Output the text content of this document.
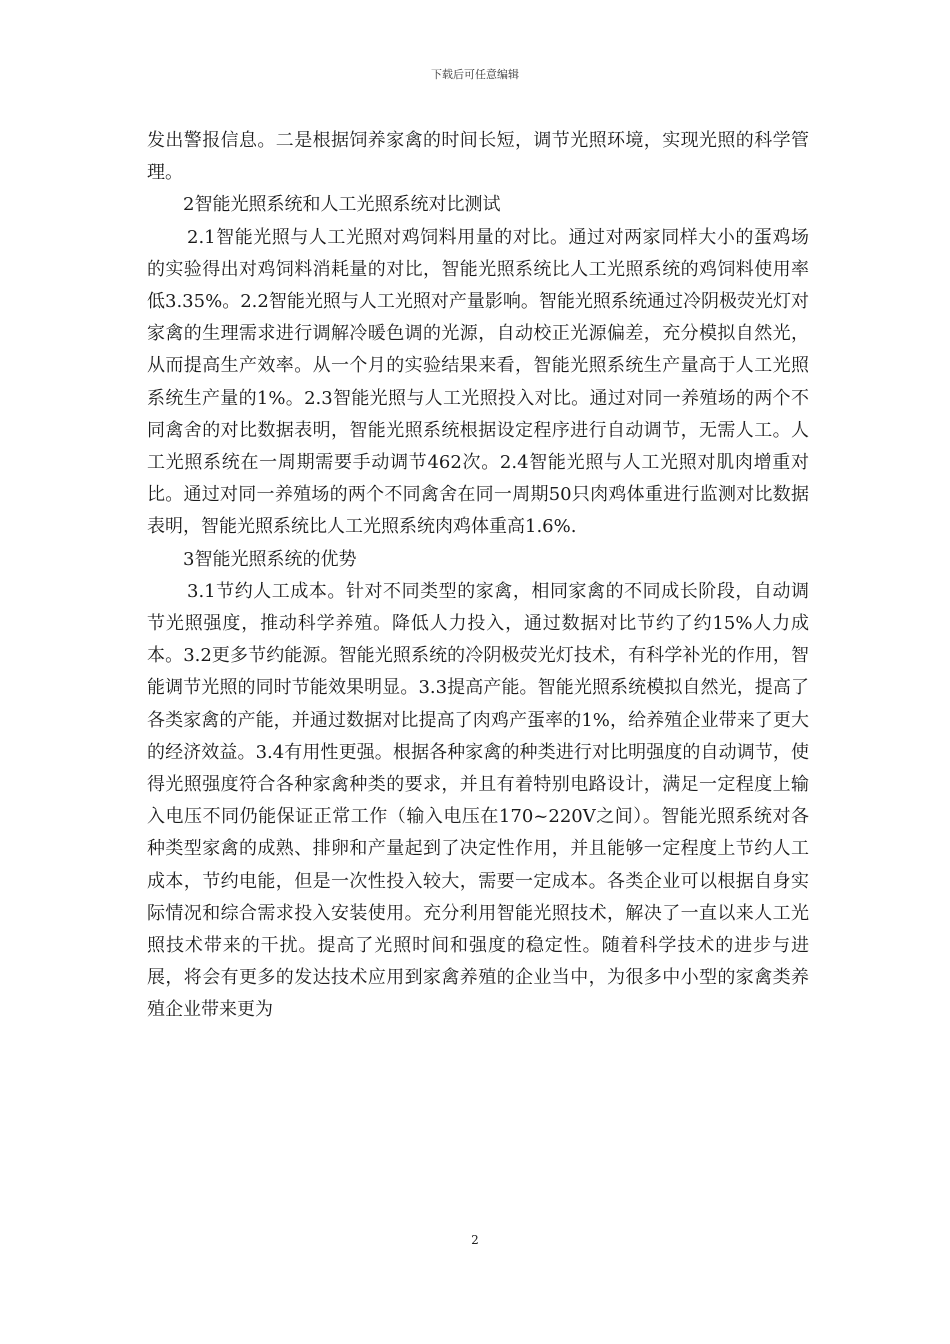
下载后可任意编辑

发出警报信息。二是根据饲养家禽的时间长短，调节光照环境，实现光照的科学管理。

2智能光照系统和人工光照系统对比测试

2.1智能光照与人工光照对鸡饲料用量的对比。通过对两家同样大小的蛋鸡场的实验得出对鸡饲料消耗量的对比，智能光照系统比人工光照系统的鸡饲料使用率低3.35%。2.2智能光照与人工光照对产量影响。智能光照系统通过冷阴极荧光灯对家禽的生理需求进行调解冷暖色调的光源，自动校正光源偏差，充分模拟自然光，从而提高生产效率。从一个月的实验结果来看，智能光照系统生产量高于人工光照系统生产量的1%。2.3智能光照与人工光照投入对比。通过对同一养殖场的两个不同禽舍的对比数据表明，智能光照系统根据设定程序进行自动调节，无需人工。人工光照系统在一周期需要手动调节462次。2.4智能光照与人工光照对肌肉增重对比。通过对同一养殖场的两个不同禽舍在同一周期50只肉鸡体重进行监测对比数据表明，智能光照系统比人工光照系统肉鸡体重高1.6%.

3智能光照系统的优势

3.1节约人工成本。针对不同类型的家禽，相同家禽的不同成长阶段，自动调节光照强度，推动科学养殖。降低人力投入，通过数据对比节约了约15%人力成本。3.2更多节约能源。智能光照系统的冷阴极荧光灯技术，有科学补光的作用，智能调节光照的同时节能效果明显。3.3提高产能。智能光照系统模拟自然光，提高了各类家禽的产能，并通过数据对比提高了肉鸡产蛋率的1%，给养殖企业带来了更大的经济效益。3.4有用性更强。根据各种家禽的种类进行对比明强度的自动调节，使得光照强度符合各种家禽种类的要求，并且有着特别电路设计，满足一定程度上输入电压不同仍能保证正常工作（输入电压在170~220V之间）。智能光照系统对各种类型家禽的成熟、排卵和产量起到了决定性作用，并且能够一定程度上节约人工成本，节约电能，但是一次性投入较大，需要一定成本。各类企业可以根据自身实际情况和综合需求投入安装使用。充分利用智能光照技术，解决了一直以来人工光照技术带来的干扰。提高了光照时间和强度的稳定性。随着科学技术的进步与进展，将会有更多的发达技术应用到家禽养殖的企业当中，为很多中小型的家禽类养殖企业带来更为

2
